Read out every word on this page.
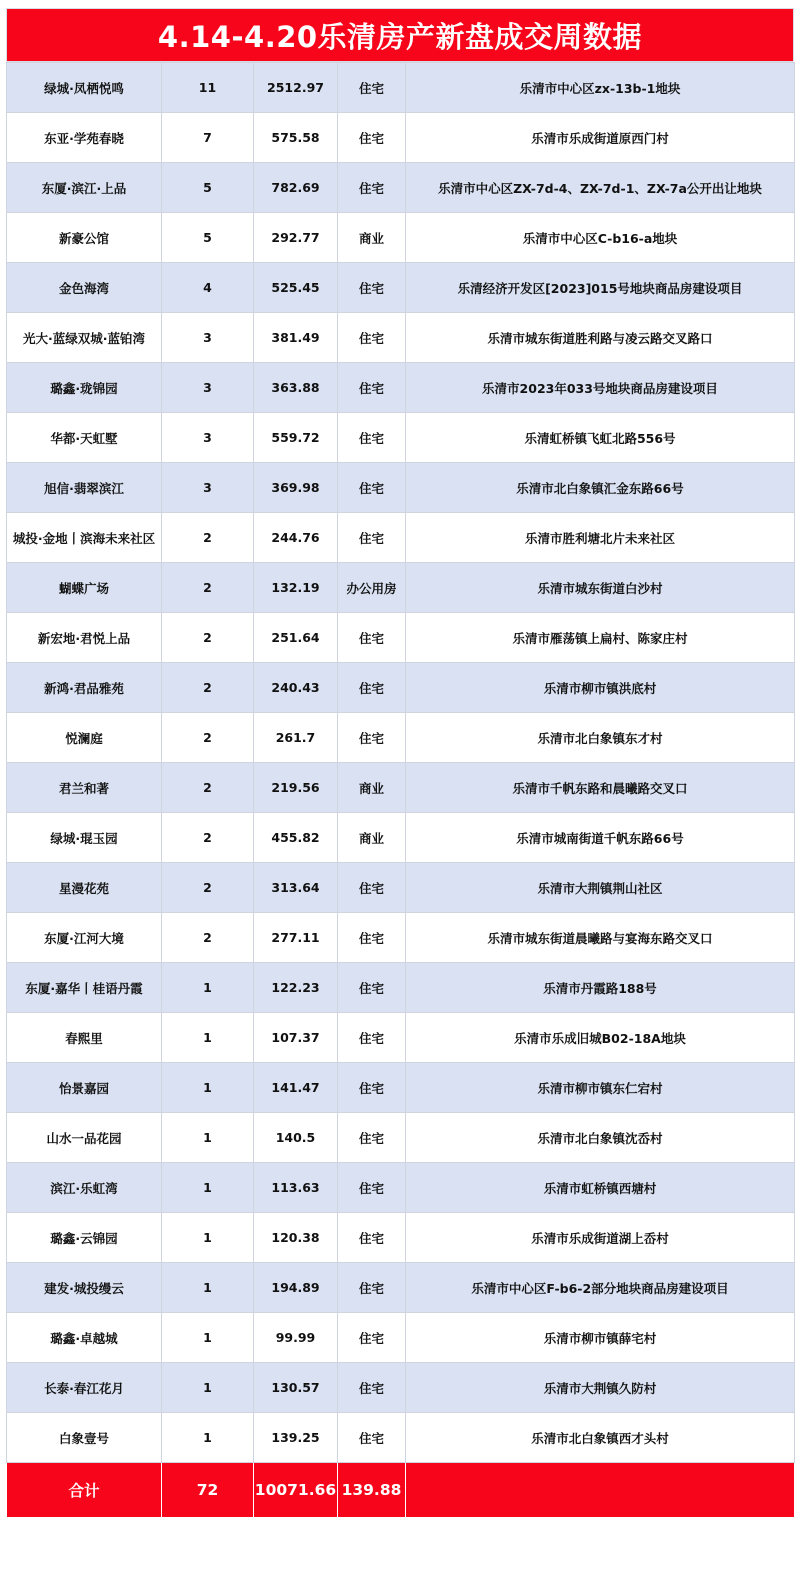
4.14-4.20乐清房产新盘成交周数据
绿城·凤栖悦鸣	11	2512.97	住宅	乐清市中心区zx-13b-1地块
东亚·学苑春晓	7	575.58	住宅	乐清市乐成街道原西门村
东厦·滨江·上品	5	782.69	住宅	乐清市中心区ZX-7d-4、ZX-7d-1、ZX-7a公开出让地块
新豪公馆	5	292.77	商业	乐清市中心区C-b16-a地块
金色海湾	4	525.45	住宅	乐清经济开发区[2023]015号地块商品房建设项目
光大·蓝绿双城·蓝铂湾	3	381.49	住宅	乐清市城东街道胜利路与凌云路交叉路口
璐鑫·珑锦园	3	363.88	住宅	乐清市2023年033号地块商品房建设项目
华都·天虹墅	3	559.72	住宅	乐清虹桥镇飞虹北路556号
旭信·翡翠滨江	3	369.98	住宅	乐清市北白象镇汇金东路66号
城投·金地丨滨海未来社区	2	244.76	住宅	乐清市胜利塘北片未来社区
蝴蝶广场	2	132.19	办公用房	乐清市城东街道白沙村
新宏地·君悦上品	2	251.64	住宅	乐清市雁荡镇上扁村、陈家庄村
新鸿·君品雅苑	2	240.43	住宅	乐清市柳市镇洪底村
悦澜庭	2	261.7	住宅	乐清市北白象镇东才村
君兰和著	2	219.56	商业	乐清市千帆东路和晨曦路交叉口
绿城·琨玉园	2	455.82	商业	乐清市城南街道千帆东路66号
星漫花苑	2	313.64	住宅	乐清市大荆镇荆山社区
东厦·江河大境	2	277.11	住宅	乐清市城东街道晨曦路与宴海东路交叉口
东厦·嘉华丨桂语丹霞	1	122.23	住宅	乐清市丹霞路188号
春熙里	1	107.37	住宅	乐清市乐成旧城B02-18A地块
怡景嘉园	1	141.47	住宅	乐清市柳市镇东仁宕村
山水一品花园	1	140.5	住宅	乐清市北白象镇沈岙村
滨江·乐虹湾	1	113.63	住宅	乐清市虹桥镇西塘村
璐鑫·云锦园	1	120.38	住宅	乐清市乐成街道湖上岙村
建发·城投缦云	1	194.89	住宅	乐清市中心区F-b6-2部分地块商品房建设项目
璐鑫·卓越城	1	99.99	住宅	乐清市柳市镇薛宅村
长泰·春江花月	1	130.57	住宅	乐清市大荆镇久防村
白象壹号	1	139.25	住宅	乐清市北白象镇西才头村
合计	72	10071.66	139.88	
